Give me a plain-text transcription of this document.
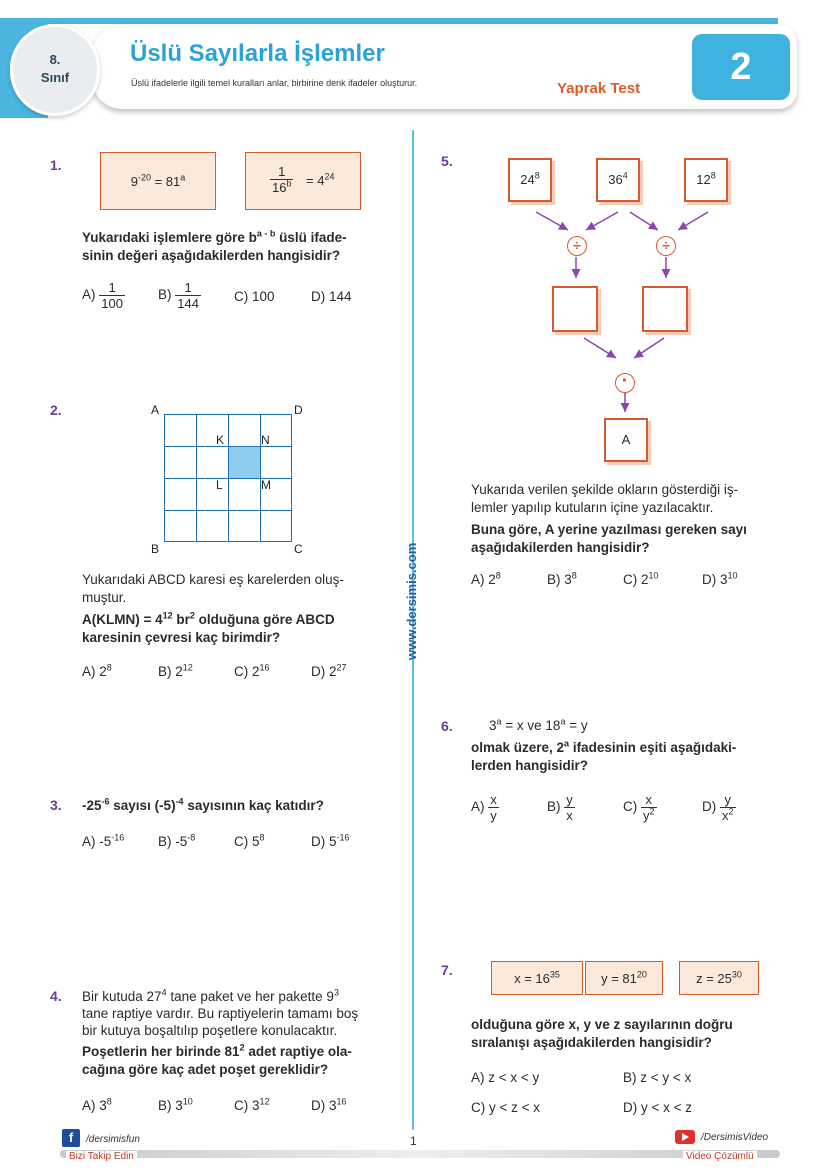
8.
Sınıf
Üslü Sayılarla İşlemler
Üslü ifadelerle ilgili temel kuralları anlar, birbirine denk ifadeler oluşturur.	Yaprak Test
2
www.dersimis.com
1.
$9^{-20} = 81^a$	$\frac{1}{16^b} = 4^{24}$
Yukarıdaki işlemlere göre $b^{a - b}$ üslü ifade-
sinin değeri aşağıdakilerden hangisidir?
$A) \frac{1}{100} B) \frac{1}{144} C$) 100	D) 144
2.	A	D
B	C
K	N
L	M
Yukarıdaki ABCD karesi eş karelerden oluş-
muştur.
A(KLMN) = $4^{12}$ $br^2$ olduğuna göre ABCD
karesinin çevresi kaç birimdir?
A) $2^8$	B) $2^{12}$	C) $2^{16}$	D) $2^{27}$
3. $-25^{-6}$ sayısı $(-5)^{-4}$ sayısının kaç katıdır?
A) $-5^{-16}$ B) $-5^{-8}$	C) $5^8$	D) $5^{-16}$
4. Bir kutuda $27^4$ tane paket ve her pakette $9^3$
tane raptiye vardır. Bu raptiyelerin tamamı boş
bir kutuya boşaltılıp poşetlere konulacaktır.
Poşetlerin her birinde $81^2$ adet raptiye ola-
cağına göre kaç adet poşet gereklidir?
A) $3^8$	B) $3^{10}$	C) $3^{12}$	D) $3^{16}$
5.
$24^8$	$36^4$	$12^8$
÷	÷
·
A
Yukarıda verilen şekilde okların gösterdiği iş-
lemler yapılıp kutuların içine yazılacaktır.
Buna göre, A yerine yazılması gereken sayı
aşağıdakilerden hangisidir?
A) $2^8$	B) $3^8$	C) $2^{10}$	D) $3^{10}$
6.	$3^a = x$ ve $18^a = y$
olmak üzere, 2$^a$ ifadesinin eşiti aşağıdaki-
lerden hangisidir?
$A) \frac{x}{y}$	$B) \frac{y}{x}$	$C) \frac{x}{y^2}$	$D) \frac{y}{x^2}$
7.
$x = 16^{35}$	$y = 81^{20}$	$z = 25^{30}$
olduğuna göre x, y ve z sayılarının doğru
sıralanışı aşağıdakilerden hangisidir?
A) z < x < y	B) z < y < x
C) y < z < x	D) y < x < z
f	/dersimisfun
Bizi Takip Edin
1	/DersimisVideo
Video Çözümlü
